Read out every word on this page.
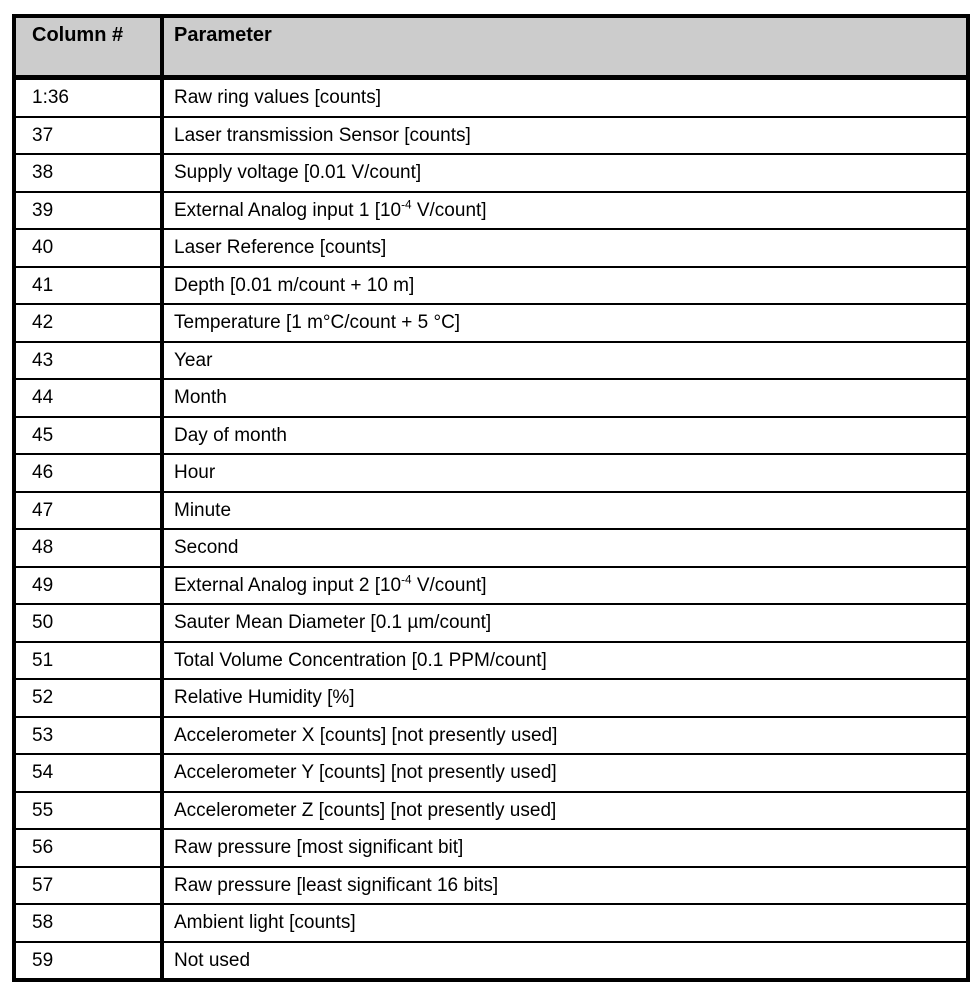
Column #	Parameter
1:36	Raw ring values [counts]
37	Laser transmission Sensor [counts]
38	Supply voltage [0.01 V/count]
39	External Analog input 1 [$10^{-4}$ V/count]
40	Laser Reference [counts]
41	Depth [0.01 m/count + 10 m]
42	Temperature [1 m°C/count + 5 °C]
43	Year
44	Month
45	Day of month
46	Hour
47	Minute
48	Second
49	External Analog input 2 [$10^{-4}$ V/count]
50	Sauter Mean Diameter [0.1 µm/count]
51	Total Volume Concentration [0.1 PPM/count]
52	Relative Humidity [%]
53	Accelerometer X [counts] [not presently used]
54	Accelerometer Y [counts] [not presently used]
55	Accelerometer Z [counts] [not presently used]
56	Raw pressure [most significant bit]
57	Raw pressure [least significant 16 bits]
58	Ambient light [counts]
59	Not used
